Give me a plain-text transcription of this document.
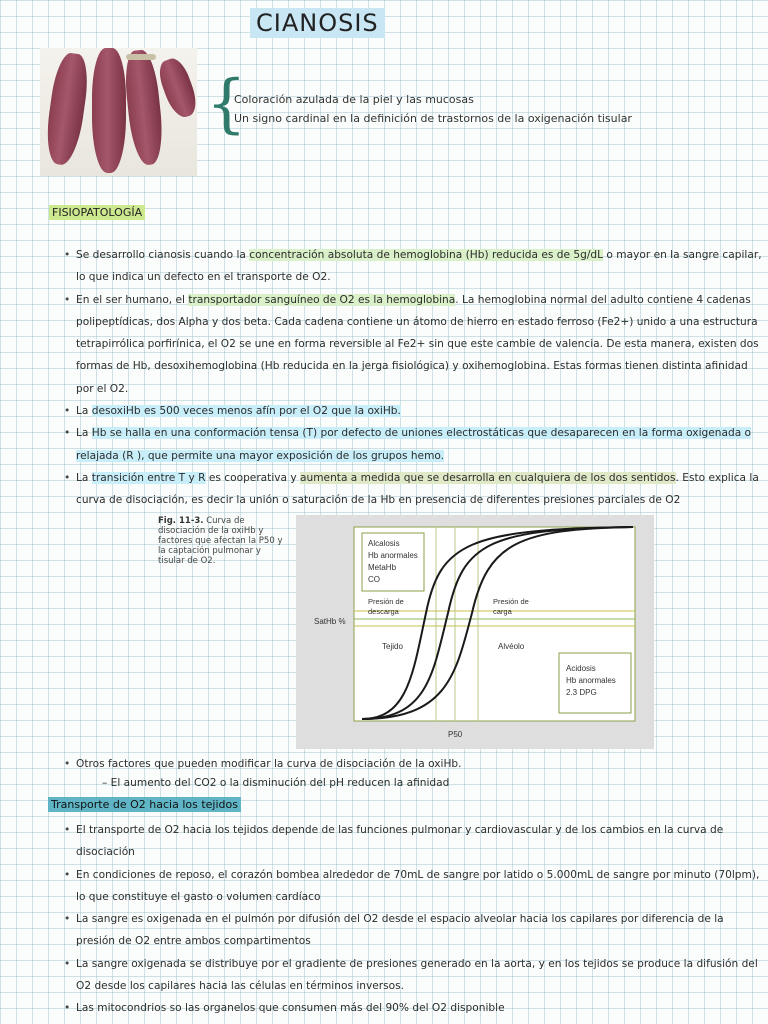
CIANOSIS
{
Coloración azulada de la piel y las mucosas
Un signo cardinal en la definición de trastornos de la oxigenación tisular
FISIOPATOLOGÍA
• Se desarrollo cianosis cuando la concentración absoluta de hemoglobina (Hb) reducida es de 5g/dL o mayor en la sangre capilar, lo que indica un defecto en el transporte de O2.
• En el ser humano, el transportador sanguíneo de O2 es la hemoglobina. La hemoglobina normal del adulto contiene 4 cadenas polipeptídicas, dos Alpha y dos beta. Cada cadena contiene un átomo de hierro en estado ferroso (Fe2+) unido a una estructura tetrapirrólica porfirínica, el O2 se une en forma reversible al Fe2+ sin que este cambie de valencia. De esta manera, existen dos formas de Hb, desoxihemoglobina (Hb reducida en la jerga fisiológica) y oxihemoglobina. Estas formas tienen distinta afinidad por el O2.
• La desoxiHb es 500 veces menos afín por el O2 que la oxiHb.
• La Hb se halla en una conformación tensa (T) por defecto de uniones electrostáticas que desaparecen en la forma oxigenada o relajada (R ), que permite una mayor exposición de los grupos hemo.
• La transición entre T y R es cooperativa y aumenta a medida que se desarrolla en cualquiera de los dos sentidos. Esto explica la curva de disociación, es decir la unión o saturación de la Hb en presencia de diferentes presiones parciales de O2
Fig. 11-3. Curva de disociación de la oxiHb y factores que afectan la P50 y la captación pulmonar y tisular de O2.
Alcalosis
Hb anormales
MetaHb
CO
Acidosis
Hb anormales
2.3 DPG
Presión de
descarga
Presión de
carga
Tejido	Alvéolo
SatHb %
P50
• Otros factores que pueden modificar la curva de disociación de la oxiHb.
– El aumento del CO2 o la disminución del pH reducen la afinidad
Transporte de O2 hacia los tejidos
• El transporte de O2 hacia los tejidos depende de las funciones pulmonar y cardiovascular y de los cambios en la curva de disociación
• En condiciones de reposo, el corazón bombea alrededor de 70mL de sangre por latido o 5.000mL de sangre por minuto (70lpm), lo que constituye el gasto o volumen cardíaco
• La sangre es oxigenada en el pulmón por difusión del O2 desde el espacio alveolar hacia los capilares por diferencia de la presión de O2 entre ambos compartimentos
• La sangre oxigenada se distribuye por el gradiente de presiones generado en la aorta, y en los tejidos se produce la difusión del O2 desde los capilares hacia las células en términos inversos.
• Las mitocondrios so las organelos que consumen más del 90% del O2 disponible
